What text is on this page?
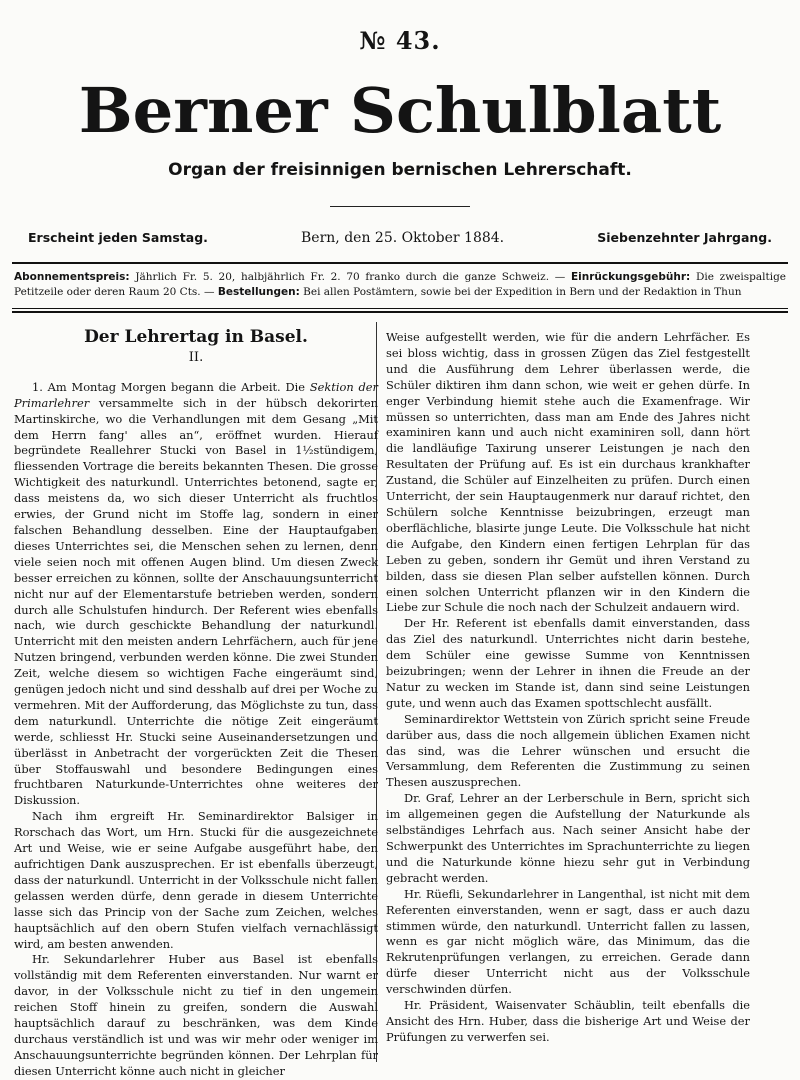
№ 43.
Berner Schulblatt
Organ der freisinnigen bernischen Lehrerschaft.
Erscheint jeden Samstag.	Bern, den 25. Oktober 1884.	Siebenzehnter Jahrgang.
Abonnementspreis: Jährlich Fr. 5. 20, halbjährlich Fr. 2. 70 franko durch die ganze Schweiz. — Einrückungsgebühr: Die zweispaltige Petitzeile oder deren Raum 20 Cts. — Bestellungen: Bei allen Postämtern, sowie bei der Expedition in Bern und der Redaktion in Thun
Der Lehrertag in Basel.
II.

1. Am Montag Morgen begann die Arbeit. Die Sektion der Primarlehrer versammelte sich in der hübsch dekorirten Martinskirche, wo die Verhandlungen mit dem Gesang „Mit dem Herrn fang' alles an“, eröffnet wurden. Hierauf begründete Reallehrer Stucki von Basel in 1½stündigem, fliessenden Vortrage die bereits bekannten Thesen. Die grosse Wichtigkeit des naturkundl. Unterrichtes betonend, sagte er, dass meistens da, wo sich dieser Unterricht als fruchtlos erwies, der Grund nicht im Stoffe lag, sondern in einer falschen Behandlung desselben. Eine der Hauptaufgaben dieses Unterrichtes sei, die Menschen sehen zu lernen, denn viele seien noch mit offenen Augen blind. Um diesen Zweck besser erreichen zu können, sollte der Anschauungsunterricht nicht nur auf der Elementarstufe betrieben werden, sondern durch alle Schulstufen hindurch. Der Referent wies ebenfalls nach, wie durch geschickte Behandlung der naturkundl. Unterricht mit den meisten andern Lehrfächern, auch für jene Nutzen bringend, verbunden werden könne. Die zwei Stunden Zeit, welche diesem so wichtigen Fache eingeräumt sind, genügen jedoch nicht und sind desshalb auf drei per Woche zu vermehren. Mit der Aufforderung, das Möglichste zu tun, dass dem naturkundl. Unterrichte die nötige Zeit eingeräumt werde, schliesst Hr. Stucki seine Auseinandersetzungen und überlässt in Anbetracht der vorgerückten Zeit die Thesen über Stoffauswahl und besondere Bedingungen eines fruchtbaren Naturkunde-Unterrichtes ohne weiteres der Diskussion.

Nach ihm ergreift Hr. Seminardirektor Balsiger in Rorschach das Wort, um Hrn. Stucki für die ausgezeichnete Art und Weise, wie er seine Aufgabe ausgeführt habe, den aufrichtigen Dank auszusprechen. Er ist ebenfalls überzeugt, dass der naturkundl. Unterricht in der Volksschule nicht fallen gelassen werden dürfe, denn gerade in diesem Unterrichte lasse sich das Princip von der Sache zum Zeichen, welches hauptsächlich auf den obern Stufen vielfach vernachlässigt wird, am besten anwenden.

Hr. Sekundarlehrer Huber aus Basel ist ebenfalls vollständig mit dem Referenten einverstanden. Nur warnt er davor, in der Volksschule nicht zu tief in den ungemein reichen Stoff hinein zu greifen, sondern die Auswahl hauptsächlich darauf zu beschränken, was dem Kinde durchaus verständlich ist und was wir mehr oder weniger im Anschauungsunterrichte begründen können. Der Lehrplan für diesen Unterricht könne auch nicht in gleicher

Weise aufgestellt werden, wie für die andern Lehrfächer. Es sei bloss wichtig, dass in grossen Zügen das Ziel festgestellt und die Ausführung dem Lehrer überlassen werde, die Schüler diktiren ihm dann schon, wie weit er gehen dürfe. In enger Verbindung hiemit stehe auch die Examenfrage. Wir müssen so unterrichten, dass man am Ende des Jahres nicht examiniren kann und auch nicht examiniren soll, dann hört die landläufige Taxirung unserer Leistungen je nach den Resultaten der Prüfung auf. Es ist ein durchaus krankhafter Zustand, die Schüler auf Einzelheiten zu prüfen. Durch einen Unterricht, der sein Hauptaugenmerk nur darauf richtet, den Schülern solche Kenntnisse beizubringen, erzeugt man oberflächliche, blasirte junge Leute. Die Volksschule hat nicht die Aufgabe, den Kindern einen fertigen Lehrplan für das Leben zu geben, sondern ihr Gemüt und ihren Verstand zu bilden, dass sie diesen Plan selber aufstellen können. Durch einen solchen Unterricht pflanzen wir in den Kindern die Liebe zur Schule die noch nach der Schulzeit andauern wird.

Der Hr. Referent ist ebenfalls damit einverstanden, dass das Ziel des naturkundl. Unterrichtes nicht darin bestehe, dem Schüler eine gewisse Summe von Kenntnissen beizubringen; wenn der Lehrer in ihnen die Freude an der Natur zu wecken im Stande ist, dann sind seine Leistungen gute, und wenn auch das Examen spottschlecht ausfällt.

Seminardirektor Wettstein von Zürich spricht seine Freude darüber aus, dass die noch allgemein üblichen Examen nicht das sind, was die Lehrer wünschen und ersucht die Versammlung, dem Referenten die Zustimmung zu seinen Thesen auszusprechen.

Dr. Graf, Lehrer an der Lerberschule in Bern, spricht sich im allgemeinen gegen die Aufstellung der Naturkunde als selbständiges Lehrfach aus. Nach seiner Ansicht habe der Schwerpunkt des Unterrichtes im Sprachunterrichte zu liegen und die Naturkunde könne hiezu sehr gut in Verbindung gebracht werden.

Hr. Rüefli, Sekundarlehrer in Langenthal, ist nicht mit dem Referenten einverstanden, wenn er sagt, dass er auch dazu stimmen würde, den naturkundl. Unterricht fallen zu lassen, wenn es gar nicht möglich wäre, das Minimum, das die Rekrutenprüfungen verlangen, zu erreichen. Gerade dann dürfe dieser Unterricht nicht aus der Volksschule verschwinden dürfen.

Hr. Präsident, Waisenvater Schäublin, teilt ebenfalls die Ansicht des Hrn. Huber, dass die bisherige Art und Weise der Prüfungen zu verwerfen sei.
